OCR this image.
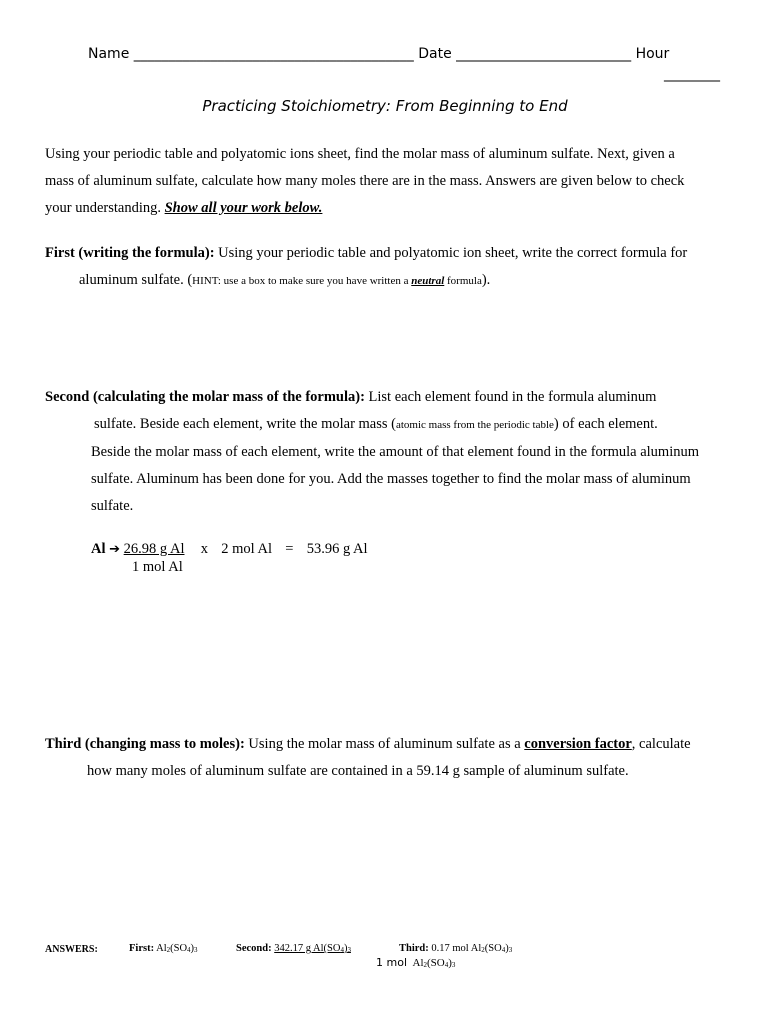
Name ________________________________________ Date _________________________ Hour
________
Practicing Stoichiometry: From Beginning to End
Using your periodic table and polyatomic ions sheet, find the molar mass of aluminum sulfate. Next, given a
mass of aluminum sulfate, calculate how many moles there are in the mass. Answers are given below to check
your understanding. Show all your work below.
First (writing the formula): Using your periodic table and polyatomic ion sheet, write the correct formula for
aluminum sulfate. (HINT: use a box to make sure you have written a neutral formula).
Second (calculating the molar mass of the formula): List each element found in the formula aluminum
sulfate. Beside each element, write the molar mass (atomic mass from the periodic table) of each element.
Beside the molar mass of each element, write the amount of that element found in the formula aluminum
sulfate. Aluminum has been done for you. Add the masses together to find the molar mass of aluminum
sulfate.
Al ➔ 26.98 g Al x 2 mol Al = 53.96 g Al
1 mol Al
Third (changing mass to moles): Using the molar mass of aluminum sulfate as a conversion factor, calculate
how many moles of aluminum sulfate are contained in a 59.14 g sample of aluminum sulfate.
ANSWERS:	First: $Al_2(SO_4)_3$	Second: 342.17 g $Al(SO_4)_3$	Third: 0.17 mol $Al_2(SO_4)_3$
1 mol $Al_2(SO_4)_3$
